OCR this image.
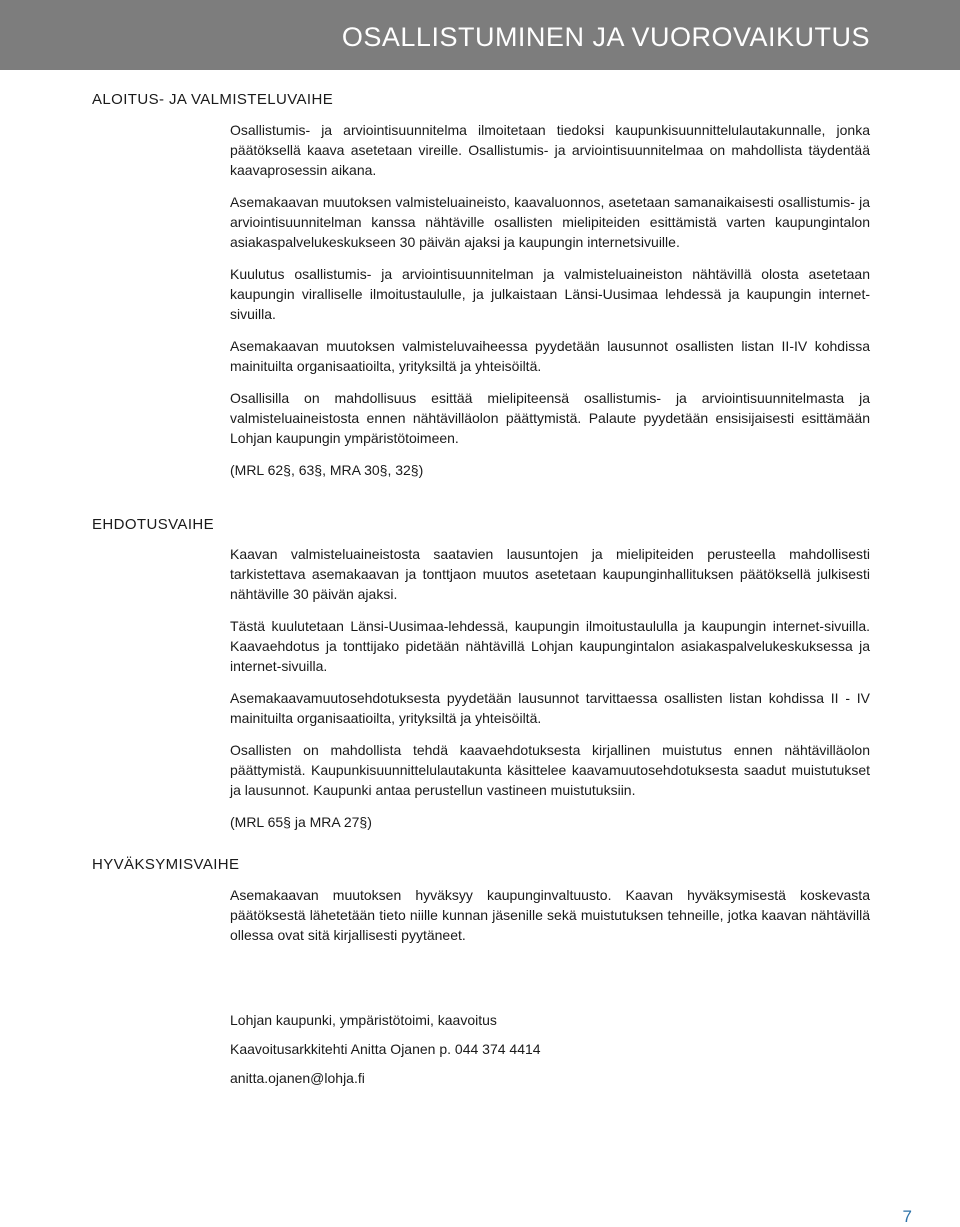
OSALLISTUMINEN JA VUOROVAIKUTUS
ALOITUS- JA VALMISTELUVAIHE

Osallistumis- ja arviointisuunnitelma ilmoitetaan tiedoksi kaupunkisuunnittelulautakunnalle, jonka päätöksellä kaava asetetaan vireille. Osallistumis- ja arviointisuunnitelmaa on mahdollista täydentää kaavaprosessin aikana.

Asemakaavan muutoksen valmisteluaineisto, kaavaluonnos, asetetaan samanaikaisesti osallistumis- ja arviointisuunnitelman kanssa nähtäville osallisten mielipiteiden esittämistä varten kaupungintalon asiakaspalvelukeskukseen 30 päivän ajaksi ja kaupungin internetsivuille.

Kuulutus osallistumis- ja arviointisuunnitelman ja valmisteluaineiston nähtävillä olosta asetetaan kaupungin viralliselle ilmoitustaululle, ja julkaistaan Länsi-Uusimaa lehdessä ja kaupungin internet-sivuilla.

Asemakaavan muutoksen valmisteluvaiheessa pyydetään lausunnot osallisten listan II-IV kohdissa mainituilta organisaatioilta, yrityksiltä ja yhteisöiltä.

Osallisilla on mahdollisuus esittää mielipiteensä osallistumis- ja arviointisuunnitelmasta ja valmisteluaineistosta ennen nähtävilläolon päättymistä. Palaute pyydetään ensisijaisesti esittämään Lohjan kaupungin ympäristötoimeen.

(MRL 62§, 63§, MRA 30§, 32§)

EHDOTUSVAIHE

Kaavan valmisteluaineistosta saatavien lausuntojen ja mielipiteiden perusteella mahdollisesti tarkistettava asemakaavan ja tonttjaon muutos asetetaan kaupunginhallituksen päätöksellä julkisesti nähtäville 30 päivän ajaksi.

Tästä kuulutetaan Länsi-Uusimaa-lehdessä, kaupungin ilmoitustaululla ja kaupungin internet-sivuilla. Kaavaehdotus ja tonttijako pidetään nähtävillä Lohjan kaupungintalon asiakaspalvelukeskuksessa ja internet-sivuilla.

Asemakaavamuutosehdotuksesta pyydetään lausunnot tarvittaessa osallisten listan kohdissa II - IV mainituilta organisaatioilta, yrityksiltä ja yhteisöiltä.

Osallisten on mahdollista tehdä kaavaehdotuksesta kirjallinen muistutus ennen nähtävilläolon päättymistä. Kaupunkisuunnittelulautakunta käsittelee kaavamuutosehdotuksesta saadut muistutukset ja lausunnot. Kaupunki antaa perustellun vastineen muistutuksiin.

(MRL 65§ ja MRA 27§)

HYVÄKSYMISVAIHE

Asemakaavan muutoksen hyväksyy kaupunginvaltuusto. Kaavan hyväksymisestä koskevasta päätöksestä lähetetään tieto niille kunnan jäsenille sekä muistutuksen tehneille, jotka kaavan nähtävillä ollessa ovat sitä kirjallisesti pyytäneet.

Lohjan kaupunki, ympäristötoimi, kaavoitus

Kaavoitusarkkitehti Anitta Ojanen p. 044 374 4414

anitta.ojanen@lohja.fi

7
